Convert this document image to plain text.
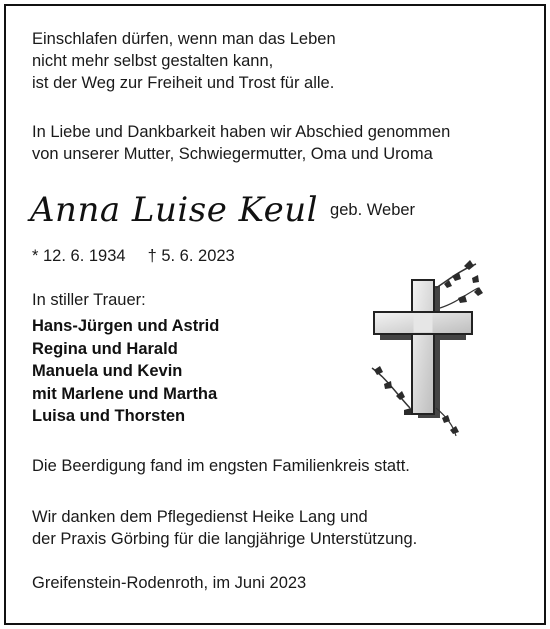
Einschlafen dürfen, wenn man das Leben
nicht mehr selbst gestalten kann,
ist der Weg zur Freiheit und Trost für alle.
In Liebe und Dankbarkeit haben wir Abschied genommen
von unserer Mutter, Schwiegermutter, Oma und Uroma
Anna Luise Keul geb. Weber
* 12. 6. 1934 † 5. 6. 2023
In stiller Trauer:
Hans-Jürgen und Astrid
Regina und Harald
Manuela und Kevin
mit Marlene und Martha
Luisa und Thorsten
Die Beerdigung fand im engsten Familienkreis statt.
Wir danken dem Pflegedienst Heike Lang und
der Praxis Görbing für die langjährige Unterstützung.
Greifenstein-Rodenroth, im Juni 2023
